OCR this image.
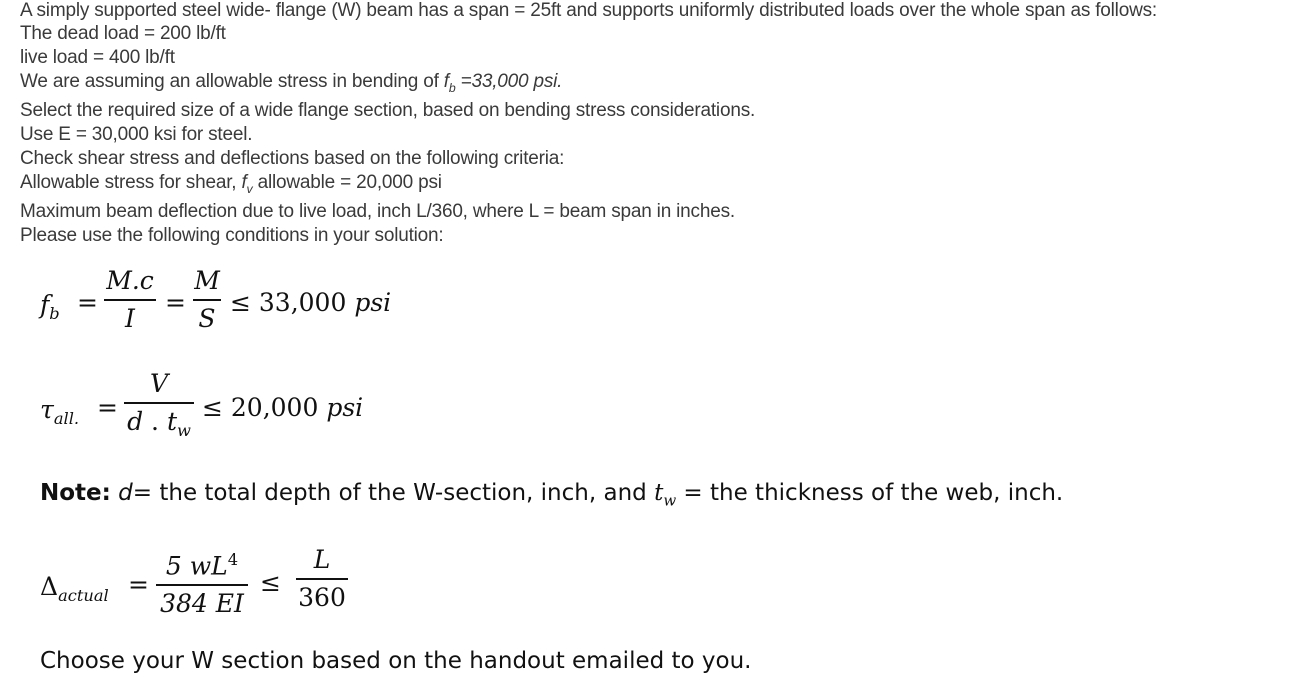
A simply supported steel wide- flange (W) beam has a span = 25ft and supports uniformly distributed loads over the whole span as follows:
The dead load = 200 lb/ft
live load = 400 lb/ft
We are assuming an allowable stress in bending of $f_b =33,000$ psi.
Select the required size of a wide flange section, based on bending stress considerations.
Use E = 30,000 ksi for steel.
Check shear stress and deflections based on the following criteria:
Allowable stress for shear, $f_v$ allowable = 20,000 psi
Maximum beam deflection due to live load, inch L/360, where L = beam span in inches.
Please use the following conditions in your solution:
$f_b$ =
M.c
I
=
M
S
≤ 33,000 psi
$\tau_{all.}$ =
V
d . $t_w$
≤ 20,000 psi
Note: d= the total depth of the W-section, inch, and $t_w$ = the thickness of the web, inch.
$\Delta_{actual}$ =
5 $wL^4$
384 EI
≤
L
360
Choose your W section based on the handout emailed to you.
